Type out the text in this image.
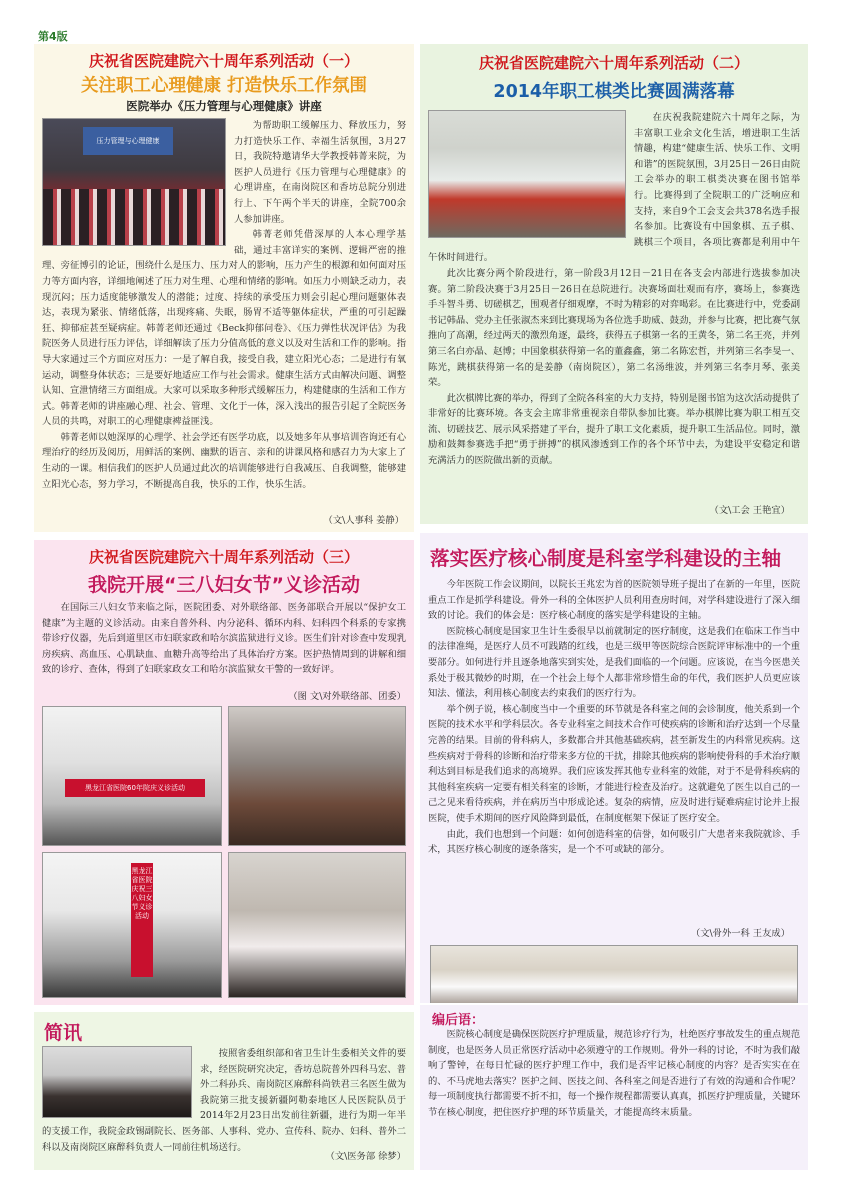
第4版
庆祝省医院建院六十周年系列活动（一）
关注职工心理健康 打造快乐工作氛围
医院举办《压力管理与心理健康》讲座
压力管理与心理健康

为帮助职工缓解压力、释放压力，努力打造快乐工作、幸福生活氛围，3月27日，我院特邀请华大学教授韩菁来院，为医护人员进行《压力管理与心理健康》的心理讲座，在南岗院区和香坊总院分别进行上、下午两个半天的讲座，全院700余人参加讲座。

韩菁老师凭借深厚的人本心理学基础，通过丰富详实的案例、逻辑严密的推理、旁征博引的论证，围绕什么是压力、压力对人的影响，压力产生的根源和如何面对压力等方面内容，详细地阐述了压力对生理、心理和情绪的影响。如压力小则缺乏动力，表现沉闷；压力适度能够激发人的潜能；过度、持续的承受压力则会引起心理问题躯体表达，表现为紧张、情绪低落，出现疼痛、失眠，肠胃不适等躯体症状，严重的可引起躁狂、抑郁症甚至疑病症。韩菁老师还通过《Beck抑郁问卷》、《压力弹性状况评估》为我院医务人员进行压力评估，详细解读了压力分值高低的意义以及对生活和工作的影响。指导大家通过三个方面应对压力：一是了解自我，接受自我，建立阳光心态；二是进行有氧运动，调整身体状态；三是要好地适应工作与社会需求。健康生活方式由解决问题、调整认知、宣泄情绪三方面组成。大家可以采取多种形式缓解压力，构建健康的生活和工作方式。韩菁老师的讲座融心理、社会、管理、文化于一体，深入浅出的报告引起了全院医务人员的共鸣，对职工的心理健康裨益匪浅。

韩菁老师以她深厚的心理学、社会学还有医学功底，以及她多年从事培训咨询还有心理治疗的经历及阅历，用鲜活的案例、幽默的语言、亲和的讲课风格和感召力为大家上了生动的一课。相信我们的医护人员通过此次的培训能够进行自我减压、自我调整，能够建立阳光心态，努力学习，不断提高自我，快乐的工作，快乐生活。

（文\人事科 姜静）
庆祝省医院建院六十周年系列活动（二）
2014年职工棋类比赛圆满落幕

在庆祝我院建院六十周年之际，为丰富职工业余文化生活，增进职工生活情趣，构建“健康生活、快乐工作、文明和谐”的医院氛围，3月25日－26日由院工会举办的职工棋类决赛在图书馆举行。比赛得到了全院职工的广泛响应和支持，来自9个工会支会共378名选手报名参加。比赛设有中国象棋、五子棋、跳棋三个项目，各项比赛都是利用中午午休时间进行。

此次比赛分两个阶段进行，第一阶段3月12日－21日在各支会内部进行选拔参加决赛。第二阶段决赛于3月25日－26日在总院进行。决赛场面壮观而有序，赛场上，参赛选手斗智斗勇、切磋棋艺，围观者仔细观摩，不时为精彩的对弈喝彩。在比赛进行中，党委副书记韩晶、党办主任张淑杰来到比赛现场为各位选手助威、鼓劲，并参与比赛，把比赛气氛推向了高潮，经过两天的激烈角逐，最终，获得五子棋第一名的王黄冬，第二名王亮，并列第三名白亦晶、赵博；中国象棋获得第一名的董鑫鑫，第二名陈宏哲，并列第三名李旻一、陈光，跳棋获得第一名的是姜静（南岗院区），第二名汤维波，并列第三名李月琴、张美荣。

此次棋牌比赛的举办，得到了全院各科室的大力支持，特别是图书馆为这次活动提供了非常好的比赛环境。各支会主席非常重视亲自带队参加比赛。举办棋牌比赛为职工相互交流、切磋技艺、展示风采搭建了平台，提升了职工文化素质，提升职工生活品位。同时，激励和鼓舞参赛选手把“勇于拼搏”的棋风渗透到工作的各个环节中去，为建设平安稳定和谐充满活力的医院做出新的贡献。

（文\工会 王艳宜）
庆祝省医院建院六十周年系列活动（三）
我院开展“三八妇女节”义诊活动

在国际三八妇女节来临之际，医院团委、对外联络部、医务部联合开展以“保护女工健康”为主题的义诊活动。由来自普外科、内分泌科、循环内科、妇科四个科系的专家携带诊疗仪器，先后到道里区市妇联家政和哈尔滨监狱进行义诊。医生们针对诊查中发现乳房疾病、高血压、心肌缺血、血糖升高等给出了具体治疗方案。医护热情周到的讲解和细致的诊疗、查体，得到了妇联家政女工和哈尔滨监狱女干警的一致好评。

（图 文\对外联络部、团委）
黑龙江省医院60年院庆义诊活动
黑龙江省医院庆祝三八妇女节义诊活动
落实医疗核心制度是科室学科建设的主轴

今年医院工作会议期间，以院长王兆宏为首的医院领导班子提出了在新的一年里，医院重点工作是抓学科建设。骨外一科的全体医护人员利用查房时间，对学科建设进行了深入细致的讨论。我们的体会是：医疗核心制度的落实是学科建设的主轴。

医院核心制度是国家卫生计生委很早以前就制定的医疗制度，这是我们在临床工作当中的法律准绳，是医疗人员不可践踏的红线，也是三级甲等医院综合医院评审标准中的一个重要部分。如何进行并且逐条地落实到实处，是我们面临的一个问题。应该说，在当今医患关系处于极其微妙的时期，在一个社会上每个人都非常珍惜生命的年代，我们医护人员更应该知法、懂法，利用核心制度去约束我们的医疗行为。

举个例子说，核心制度当中一个重要的环节就是各科室之间的会诊制度，他关系到一个医院的技术水平和学科层次。各专业科室之间技术合作可使疾病的诊断和治疗达到一个尽量完善的结果。目前的骨科病人，多数都合并其他基础疾病，甚至新发生的内科常见疾病。这些疾病对于骨科的诊断和治疗带来多方位的干扰，排除其他疾病的影响使骨科的手术治疗顺利达到目标是我们追求的高境界。我们应该发挥其他专业科室的效能，对于不是骨科疾病的其他科室疾病一定要有相关科室的诊断，才能进行检查及治疗。这就避免了医生以自己的一己之见来看待疾病，并在病历当中形成论述。复杂的病情，应及时进行疑难病症讨论并上报医院，使手术期间的医疗风险降到最低，在制度框架下保证了医疗安全。

由此，我们也想到一个问题：如何创造科室的信誉，如何吸引广大患者来我院就诊、手术，其医疗核心制度的逐条落实，是一个不可或缺的部分。

（文\骨外一科 王友成）
简讯

按照省委组织部和省卫生计生委相关文件的要求，经医院研究决定，香坊总院普外四科马宏、普外二科孙兵、南岗院区麻醉科尚铁君三名医生做为我院第三批支援新疆阿勒泰地区人民医院队员于2014年2月23日出发前往新疆，进行为期一年半的支援工作，我院金政锡副院长、医务部、人事科、党办、宣传科、院办、妇科、普外二科以及南岗院区麻醉科负责人一同前往机场送行。

（文\医务部 徐梦）
编后语：

医院核心制度是确保医院医疗护理质量，规范诊疗行为，杜绝医疗事故发生的重点规范制度，也是医务人员正常医疗活动中必须遵守的工作规则。骨外一科的讨论，不时为我们敲响了警钟，在每日忙碌的医疗护理工作中，我们是否牢记核心制度的内容？是否实实在在的、不马虎地去落实？医护之间、医技之间、各科室之间是否进行了有效的沟通和合作呢？每一项制度执行都需要不折不扣，每一个操作规程都需要认真真，抓医疗护理质量，关键环节在核心制度，把住医疗护理的环节质量关，才能提高终末质量。
